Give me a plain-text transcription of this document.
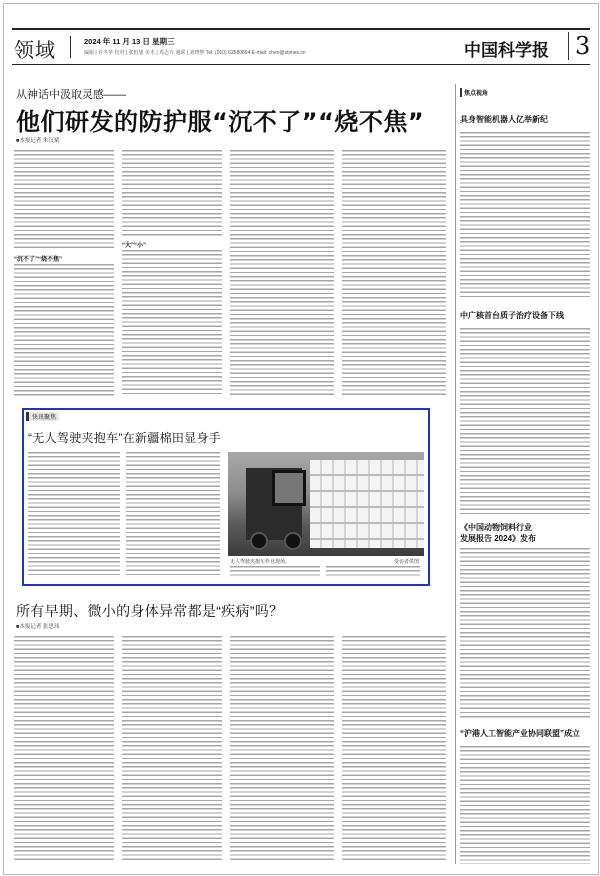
领域	2024 年 11 月 13 日 星期三
编辑 | 许冬华 校对 | 张恒旭 美术 | 邓志卉 通联 | 刘晓梦 Tel: (010) 62580894 E-mail: chen@stimes.cn	中国科学报 3
从神话中汲取灵感——
他们研发的防护服“沉不了”“烧不焦”
■本报记者 朱汉斌
“沉不了”“烧不焦”
“大”“小”
焦点视角
具身智能机器人亿举新纪
中广核首台质子治疗设备下线
《中国动物饲料行业
发展报告 2024》发布
“沪港人工智能产业协同联盟”成立
快讯聚焦
“无人驾驶夹抱车”在新疆棉田显身手
无人驾驶夹抱车作业现场。	受访者供图
所有早期、微小的身体异常都是“疾病”吗？
■本报记者 张思玮
